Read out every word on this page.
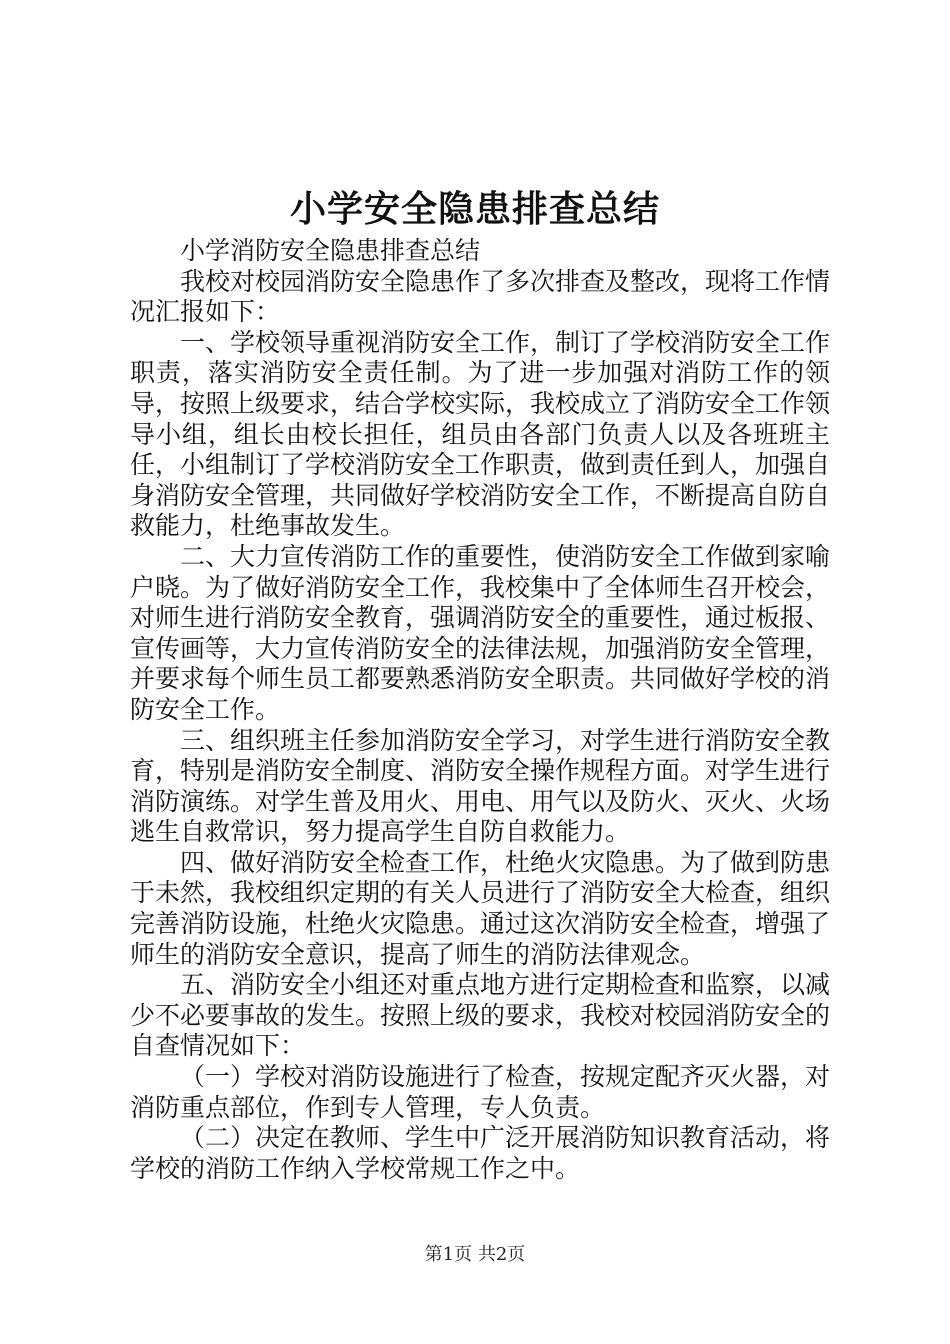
小学安全隐患排查总结

小学消防安全隐患排查总结

我校对校园消防安全隐患作了多次排查及整改，现将工作情况汇报如下：

一、学校领导重视消防安全工作，制订了学校消防安全工作职责，落实消防安全责任制。为了进一步加强对消防工作的领导，按照上级要求，结合学校实际，我校成立了消防安全工作领导小组，组长由校长担任，组员由各部门负责人以及各班班主任，小组制订了学校消防安全工作职责，做到责任到人，加强自身消防安全管理，共同做好学校消防安全工作，不断提高自防自救能力，杜绝事故发生。

二、大力宣传消防工作的重要性，使消防安全工作做到家喻户晓。为了做好消防安全工作，我校集中了全体师生召开校会，对师生进行消防安全教育，强调消防安全的重要性，通过板报、宣传画等，大力宣传消防安全的法律法规，加强消防安全管理，并要求每个师生员工都要熟悉消防安全职责。共同做好学校的消防安全工作。

三、组织班主任参加消防安全学习，对学生进行消防安全教育，特别是消防安全制度、消防安全操作规程方面。对学生进行消防演练。对学生普及用火、用电、用气以及防火、灭火、火场逃生自救常识，努力提高学生自防自救能力。

四、做好消防安全检查工作，杜绝火灾隐患。为了做到防患于未然，我校组织定期的有关人员进行了消防安全大检查，组织完善消防设施，杜绝火灾隐患。通过这次消防安全检查，增强了师生的消防安全意识，提高了师生的消防法律观念。

五、消防安全小组还对重点地方进行定期检查和监察，以减少不必要事故的发生。按照上级的要求，我校对校园消防安全的自查情况如下：

（一）学校对消防设施进行了检查，按规定配齐灭火器，对消防重点部位，作到专人管理，专人负责。

（二）决定在教师、学生中广泛开展消防知识教育活动，将学校的消防工作纳入学校常规工作之中。

第1页 共2页
